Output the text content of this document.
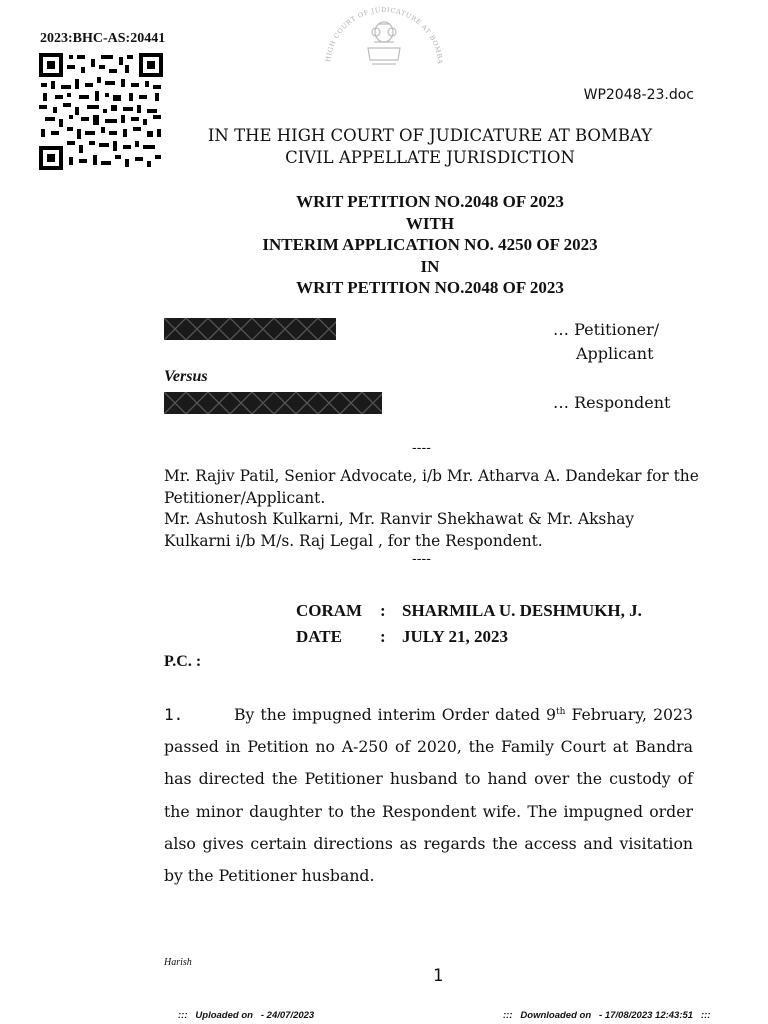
2023:BHC-AS:20441
HIGH COURT OF JUDICATURE AT BOMBA
WP2048-23.doc
IN THE HIGH COURT OF JUDICATURE AT BOMBAY
CIVIL APPELLATE JURISDICTION
WRIT PETITION NO.2048 OF 2023
WITH
INTERIM APPLICATION NO. 4250 OF 2023
IN
WRIT PETITION NO.2048 OF 2023
… Petitioner/
Applicant
Versus
… Respondent
----
Mr. Rajiv Patil, Senior Advocate, i/b Mr. Atharva A. Dandekar for the Petitioner/Applicant.
Mr. Ashutosh Kulkarni, Mr. Ranvir Shekhawat & Mr. Akshay Kulkarni i/b M/s. Raj Legal , for the Respondent.
----
CORAM : SHARMILA U. DESHMUKH, J.
DATE : JULY 21, 2023
P.C. :
1.	By the impugned interim Order dated 9th February, 2023 passed in Petition no A-250 of 2020, the Family Court at Bandra has directed the Petitioner husband to hand over the custody of the minor daughter to the Respondent wife. The impugned order also gives certain directions as regards the access and visitation by the Petitioner husband.
Harish
1
:::   Uploaded on   - 24/07/2023	:::   Downloaded on   - 17/08/2023 12:43:51   :::
